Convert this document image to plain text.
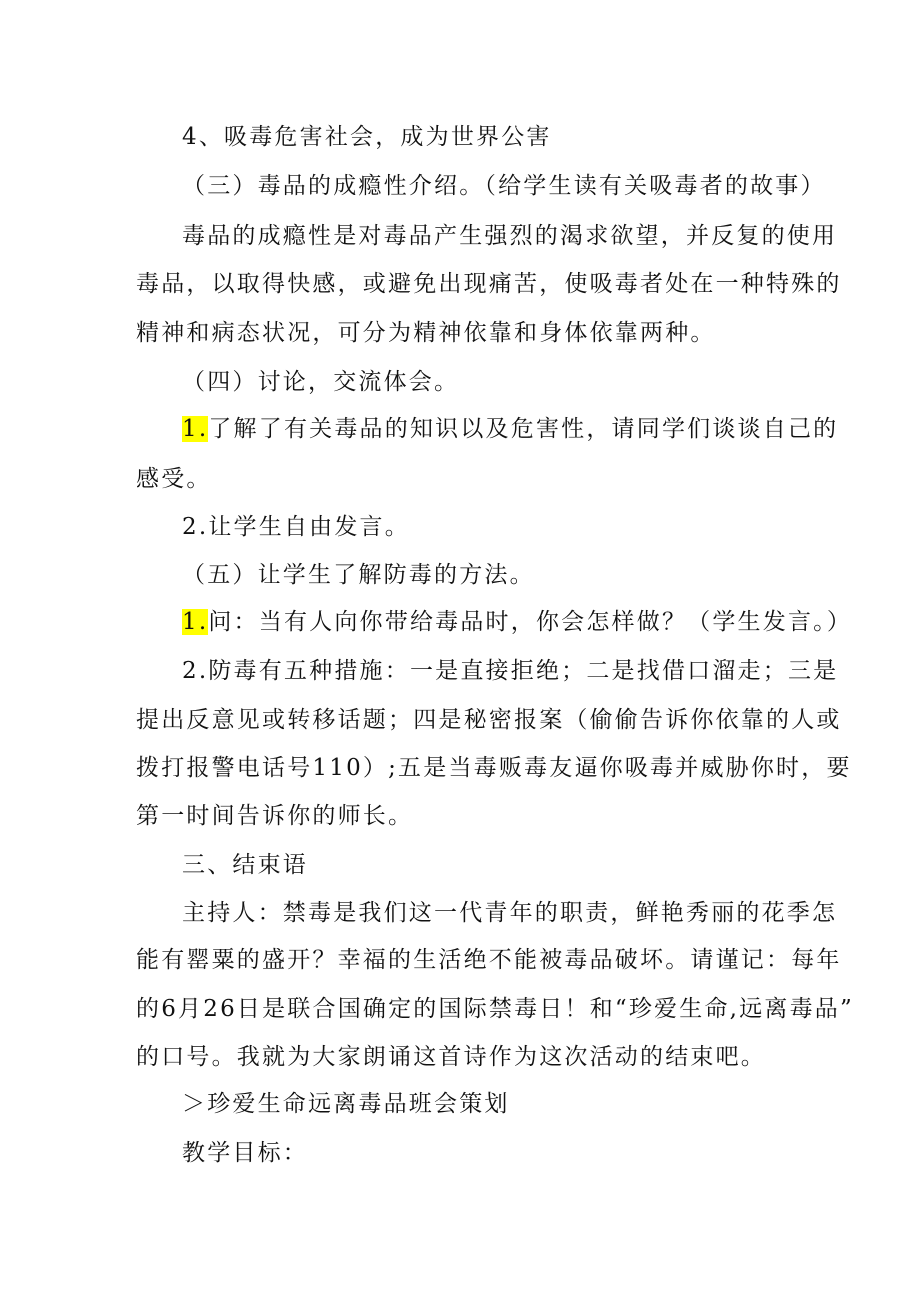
4、吸毒危害社会，成为世界公害

（三）毒品的成瘾性介绍。（给学生读有关吸毒者的故事）

毒品的成瘾性是对毒品产生强烈的渴求欲望，并反复的使用

毒品，以取得快感，或避免出现痛苦，使吸毒者处在一种特殊的

精神和病态状况，可分为精神依靠和身体依靠两种。

（四）讨论，交流体会。

1.了解了有关毒品的知识以及危害性，请同学们谈谈自己的

感受。

2.让学生自由发言。

（五）让学生了解防毒的方法。

1.问：当有人向你带给毒品时，你会怎样做？（学生发言。）

2.防毒有五种措施：一是直接拒绝；二是找借口溜走；三是

提出反意见或转移话题；四是秘密报案（偷偷告诉你依靠的人或

拨打报警电话号110）;五是当毒贩毒友逼你吸毒并威胁你时，要

第一时间告诉你的师长。

三、结束语

主持人：禁毒是我们这一代青年的职责，鲜艳秀丽的花季怎

能有罂粟的盛开？幸福的生活绝不能被毒品破坏。请谨记：每年

的6月26日是联合国确定的国际禁毒日！和“珍爱生命,远离毒品”

的口号。我就为大家朗诵这首诗作为这次活动的结束吧。

＞珍爱生命远离毒品班会策划

教学目标：
